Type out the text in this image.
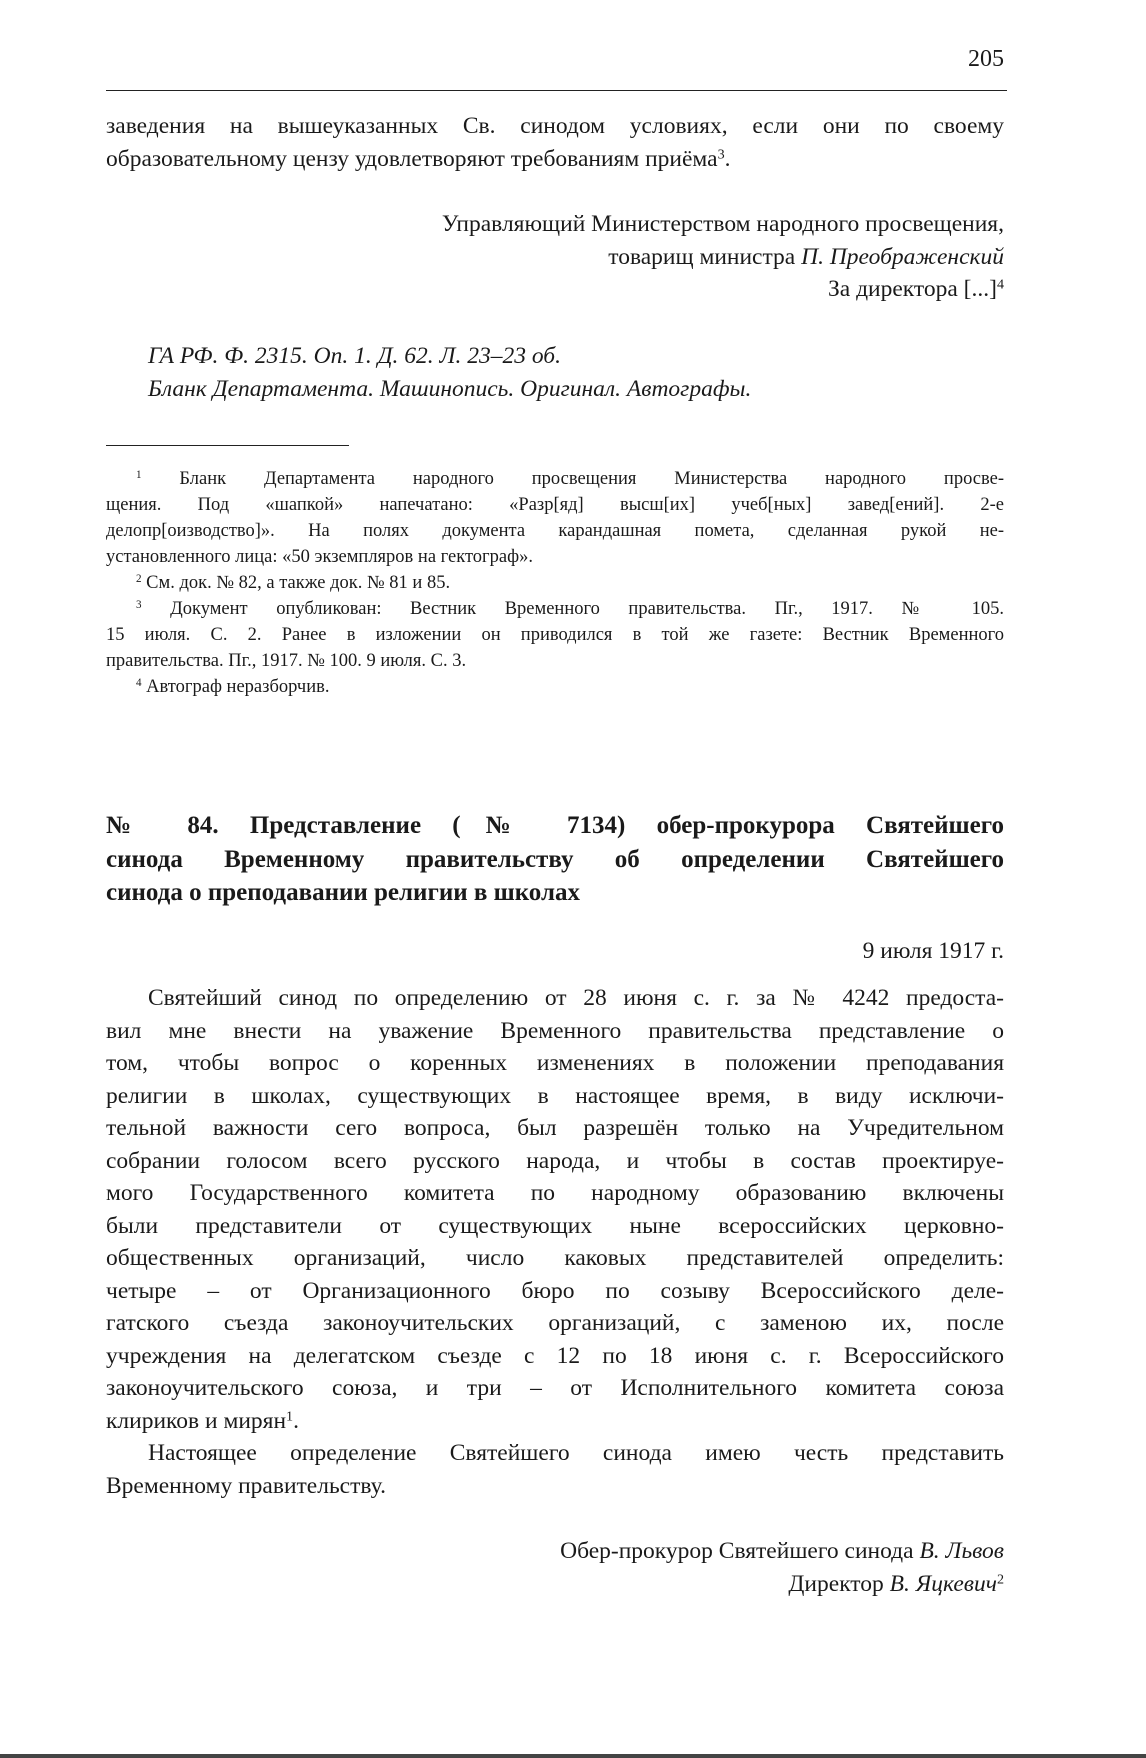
205
заведения на вышеуказанных Св. синодом условиях, если они по своему
образовательному цензу удовлетворяют требованиям приёма$^3$.
Управляющий Министерством народного просвещения,
товарищ министра П. Преображенский
За директора [...]$^4$
ГА РФ. Ф. 2315. Оп. 1. Д. 62. Л. 23–23 об.
Бланк Департамента. Машинопись. Оригинал. Автографы.
$^1$ Бланк Департамента народного просвещения Министерства народного просве-
щения. Под «шапкой» напечатано: «Разр[яд] высш[их] учеб[ных] завед[ений]. 2-е
делопр[оизводство]». На полях документа карандашная помета, сделанная рукой не-
установленного лица: «50 экземпляров на гектограф».
$^2$ См. док. № 82, а также док. № 81 и 85.
$^3$ Документ опубликован: Вестник Временного правительства. Пг., 1917. № 105.
15 июля. С. 2. Ранее в изложении он приводился в той же газете: Вестник Временного
правительства. Пг., 1917. № 100. 9 июля. С. 3.
$^4$ Автограф неразборчив.
№ 84. Представление (№ 7134) обер-прокурора Святейшего
синода Временному правительству об определении Святейшего
синода о преподавании религии в школах
9 июля 1917 г.
Святейший синод по определению от 28 июня с. г. за № 4242 предоста-
вил мне внести на уважение Временного правительства представление о
том, чтобы вопрос о коренных изменениях в положении преподавания
религии в школах, существующих в настоящее время, в виду исключи-
тельной важности сего вопроса, был разрешён только на Учредительном
собрании голосом всего русского народа, и чтобы в состав проектируе-
мого Государственного комитета по народному образованию включены
были представители от существующих ныне всероссийских церковно-
общественных организаций, число каковых представителей определить:
четыре – от Организационного бюро по созыву Всероссийского деле-
гатского съезда законоучительских организаций, с заменою их, после
учреждения на делегатском съезде с 12 по 18 июня с. г. Всероссийского
законоучительского союза, и три – от Исполнительного комитета союза
клириков и мирян$^1$.
Настоящее определение Святейшего синода имею честь представить
Временному правительству.
Обер-прокурор Святейшего синода В. Львов
Директор В. Яцкевич$^2$
